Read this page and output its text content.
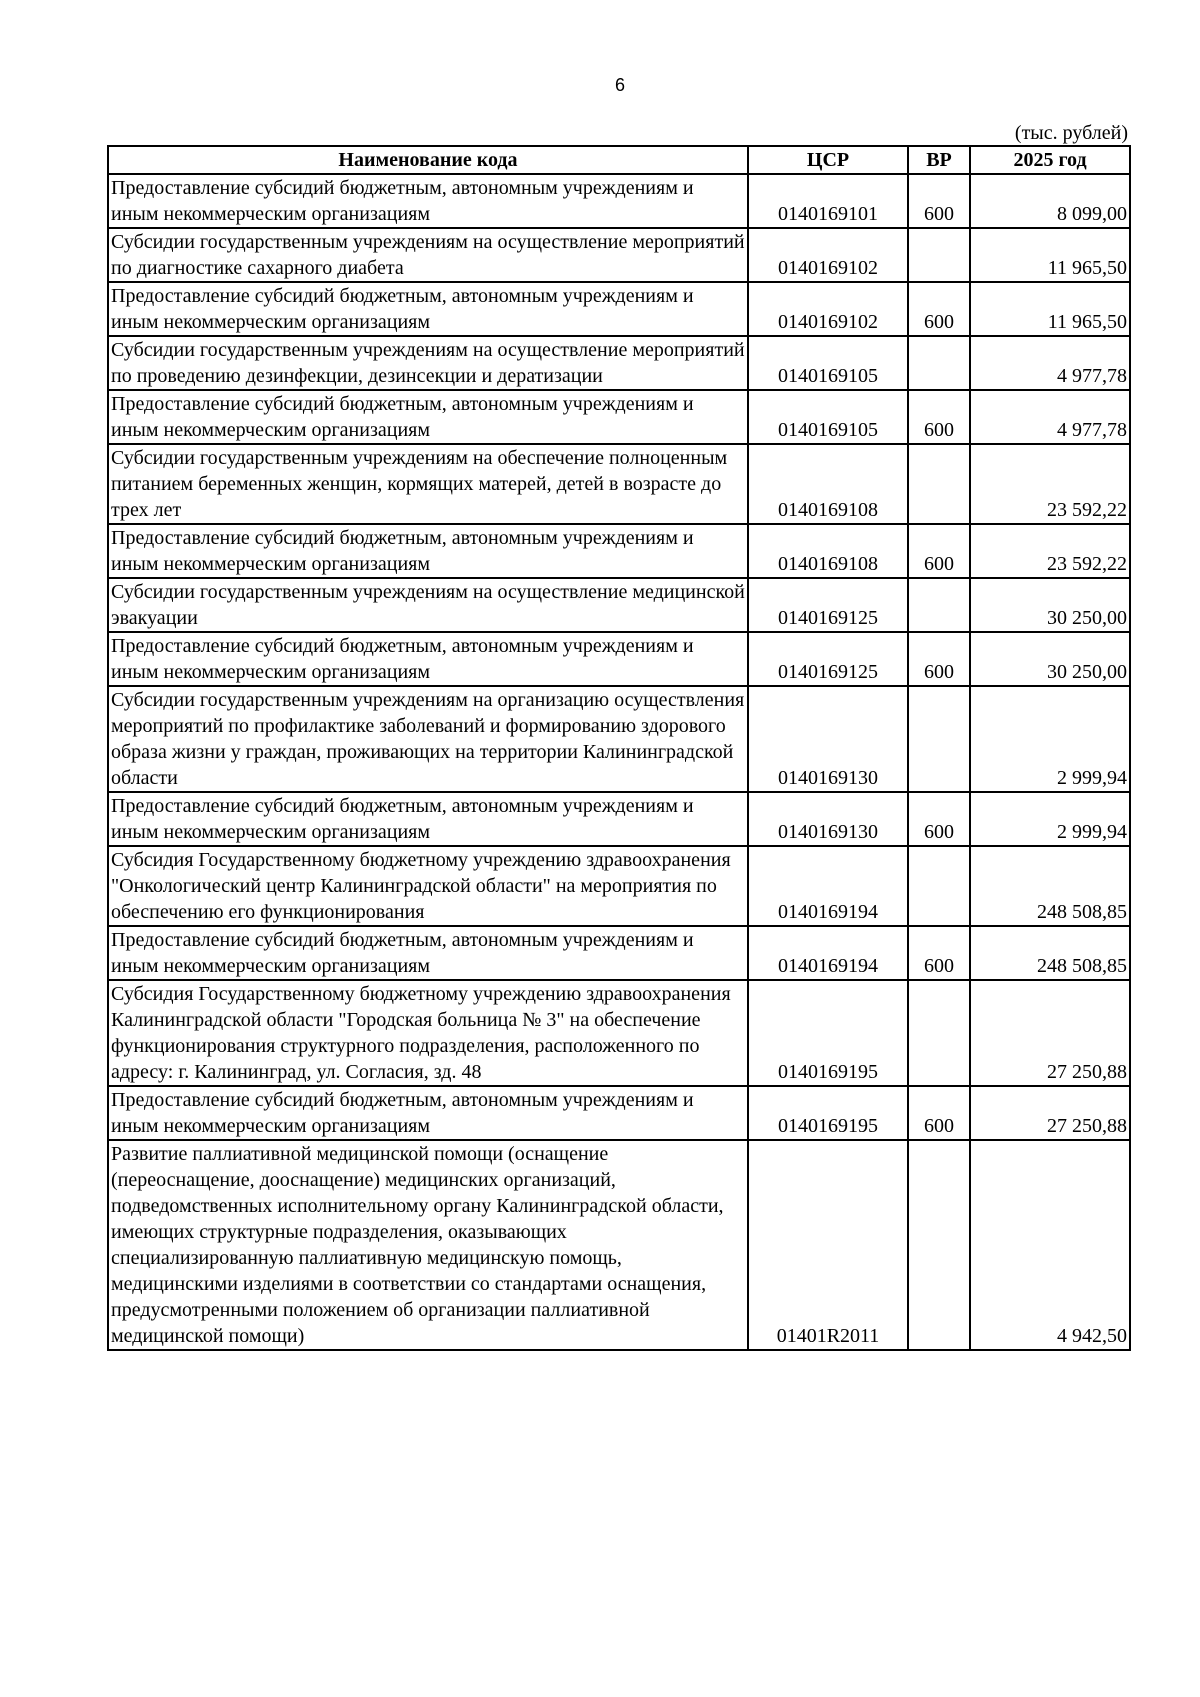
6
(тыс. рублей)
Наименование кода	ЦСР	ВР	2025 год
Предоставление субсидий бюджетным, автономным учреждениям и иным некоммерческим организациям	0140169101	600	8 099,00
Субсидии государственным учреждениям на осуществление мероприятий по диагностике сахарного диабета	0140169102		11 965,50
Предоставление субсидий бюджетным, автономным учреждениям и иным некоммерческим организациям	0140169102	600	11 965,50
Субсидии государственным учреждениям на осуществление мероприятий по проведению дезинфекции, дезинсекции и дератизации	0140169105		4 977,78
Предоставление субсидий бюджетным, автономным учреждениям и иным некоммерческим организациям	0140169105	600	4 977,78
Субсидии государственным учреждениям на обеспечение полноценным питанием беременных женщин, кормящих матерей, детей в возрасте до трех лет	0140169108		23 592,22
Предоставление субсидий бюджетным, автономным учреждениям и иным некоммерческим организациям	0140169108	600	23 592,22
Субсидии государственным учреждениям на осуществление медицинской эвакуации	0140169125		30 250,00
Предоставление субсидий бюджетным, автономным учреждениям и иным некоммерческим организациям	0140169125	600	30 250,00
Субсидии государственным учреждениям на организацию осуществления мероприятий по профилактике заболеваний и формированию здорового образа жизни у граждан, проживающих на территории Калининградской области	0140169130		2 999,94
Предоставление субсидий бюджетным, автономным учреждениям и иным некоммерческим организациям	0140169130	600	2 999,94
Субсидия Государственному бюджетному учреждению здравоохранения "Онкологический центр Калининградской области" на мероприятия по обеспечению его функционирования	0140169194		248 508,85
Предоставление субсидий бюджетным, автономным учреждениям и иным некоммерческим организациям	0140169194	600	248 508,85
Субсидия Государственному бюджетному учреждению здравоохранения Калининградской области "Городская больница № 3" на обеспечение функционирования структурного подразделения, расположенного по адресу: г. Калининград, ул. Согласия, зд. 48	0140169195		27 250,88
Предоставление субсидий бюджетным, автономным учреждениям и иным некоммерческим организациям	0140169195	600	27 250,88
Развитие паллиативной медицинской помощи (оснащение (переоснащение, дооснащение) медицинских организаций, подведомственных исполнительному органу Калининградской области, имеющих структурные подразделения, оказывающих специализированную паллиативную медицинскую помощь, медицинскими изделиями в соответствии со стандартами оснащения, предусмотренными положением об организации паллиативной медицинской помощи)	01401R2011		4 942,50
